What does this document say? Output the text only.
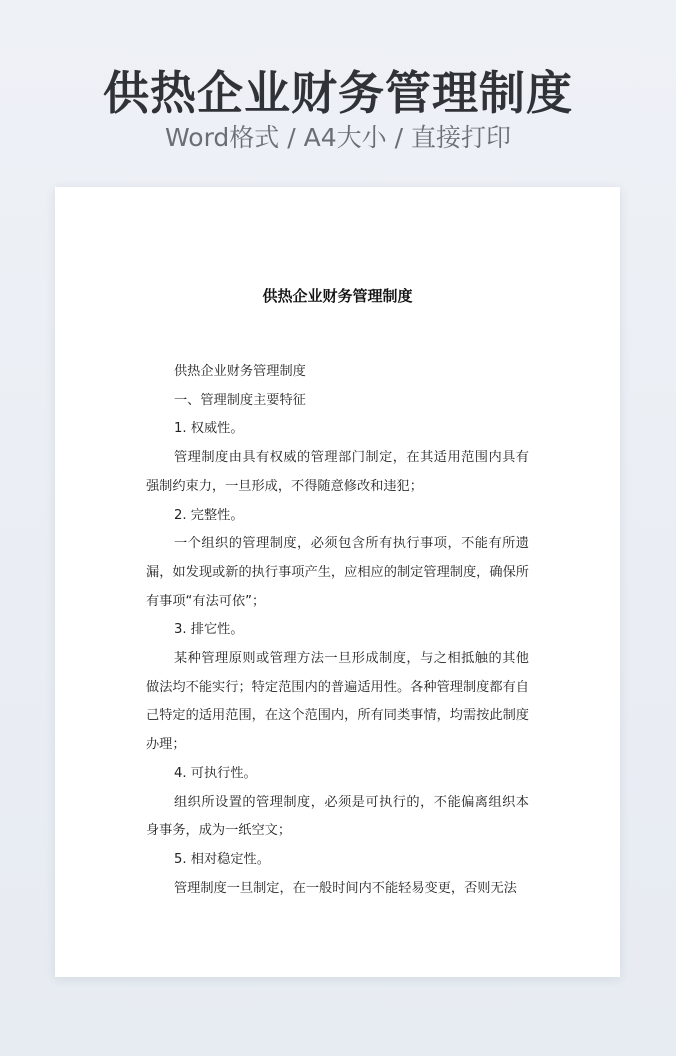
供热企业财务管理制度
Word格式 / A4大小 / 直接打印
供热企业财务管理制度

供热企业财务管理制度

一、管理制度主要特征

1. 权威性。

管理制度由具有权威的管理部门制定，在其适用范围内具有强制约束力，一旦形成，不得随意修改和违犯；

2. 完整性。

一个组织的管理制度，必须包含所有执行事项，不能有所遗漏，如发现或新的执行事项产生，应相应的制定管理制度，确保所有事项“有法可依”；

3. 排它性。

某种管理原则或管理方法一旦形成制度，与之相抵触的其他做法均不能实行；特定范围内的普遍适用性。各种管理制度都有自己特定的适用范围，在这个范围内，所有同类事情，均需按此制度办理；

4. 可执行性。

组织所设置的管理制度，必须是可执行的，不能偏离组织本身事务，成为一纸空文；

5. 相对稳定性。

管理制度一旦制定，在一般时间内不能轻易变更，否则无法
